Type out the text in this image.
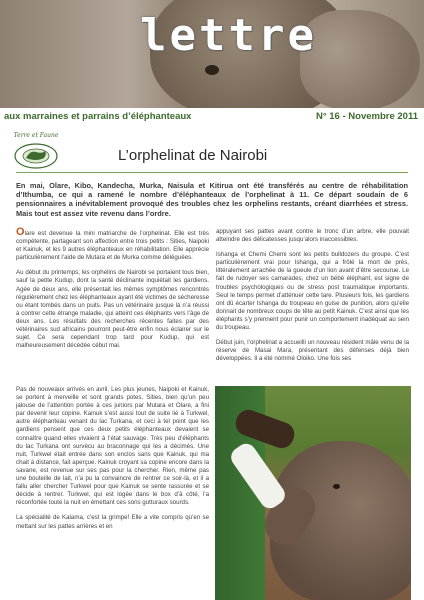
lettre
aux marraines et parrains d’éléphanteaux	N° 16 - Novembre 2011
Terre et Faune
L’orphelinat de Nairobi

En mai, Olare, Kibo, Kandecha, Murka, Naisula et Kitirua ont été transférés au centre de réhabilitation d’Ithumba, ce qui a ramené le nombre d’éléphanteaux de l’orphelinat à 11. Ce départ soudain de 6 pensionnaires a inévitablement provoqué des troubles chez les orphelins restants, créant diarrhées et stress. Mais tout est assez vite revenu dans l’ordre.

Olare est devenue la mini matriarche de l’orphelinat. Elle est très compétente, partageant son affection entre trois petits : Sities, Naipoki et Kainuk, et les 9 autres éléphanteaux en réhabilitation. Elle apprécie particulièrement l’aide de Mutara et de Murka comme déléguées.

Au début du printemps, les orphelins de Nairobi se portaient tous bien, sauf la petite Kudup, dont la santé déclinante inquiétait les gardiens. Agée de deux ans, elle présentait les mêmes symptômes rencontrés régulièrement chez les éléphanteaux ayant été victimes de sécheresse ou étant tombés dans un puits. Pas un vétérinaire jusque là n’a réussi à contrer cette étrange maladie, qui atteint ces éléphants vers l’âge de deux ans. Les résultats des recherches récentes faites par des vétérinaires sud africains pourront peut-être enfin nous éclairer sur le sujet. Ce sera cependant trop tard pour Kudup, qui est malheureusement décédée cébut mai.

appuyant ses pattes avant contre le tronc d’un arbre, elle pouvait atteindre des délicatesses jusqu’alors inaccessibles.

Ishanga et Chemi Chemi sont les petits bulldozers du groupe. C’est particulièrement vrai pour Ishanga, qui a frôlé la mort de près, littéralement arrachée de la gueule d’un lion avant d’être secourue. Le fait de rudoyer ses camarades, chez un bébé éléphant, est signe de troubles psychologiques ou de stress post traumatique importants. Seul le temps permet d’atténuer cette tare. Plusieurs fois, les gardiens ont dû écarter Ishanga du troupeau en guise de punition, alors qu’elle donnait de nombreux coups de tête au petit Kainuk. C’est ainsi que les éléphants s’y prennent pour punir un comportement inadéquat au sein du troupeau.

Début juin, l’orphelinat a accueilli un nouveau résident mâle venu de la réserve de Masai Mara, présentant des défenses déjà bien développées. Il a été nommé Oloiko. Une fois ses

Pas de nouveaux arrivés en avril. Les plus jeunes, Naipoki et Kainuk, se portent à merveille et sont grands potes. Sities, bien qu’un peu jalouse de l’attention portée à ces juniors par Mutara et Olare, a fini par devenir leur copine. Kainuk s’est aussi tout de suite lié à Turkwel, autre éléphanteau venant du lac Turkana, et ceci à tel point que les gardiens pensent que ces deux petits éléphanteaux devaient se connaître quand elles vivaient à l’état sauvage. Très peu d’éléphants du lac Turkana ont survécu au braconnage qui les a décimés. Une nuit, Turkwel était entrée dans son enclos sans que Kainuk, qui ma chait à distance, fait aperçue. Kainuk croyant sa copine encore dans la savane, est revenue sur ses pas pour la chercher. Rien, même pas une bouteille de lait, n’a pu la convaincre de rentrer ce soir-là, et il a fallu aller chercher Turkwel pour que Kainuk se sente rassurée et se décide à rentrer. Turkwel, qui est logée dans le box d’à côté, l’a réconfortée toute la nuit en émettant ces sons gutturaux sourds.

La spécialité de Kalama, c’est la grimpe! Elle a vite compris qu’en se mettant sur les pattes arrières et en
